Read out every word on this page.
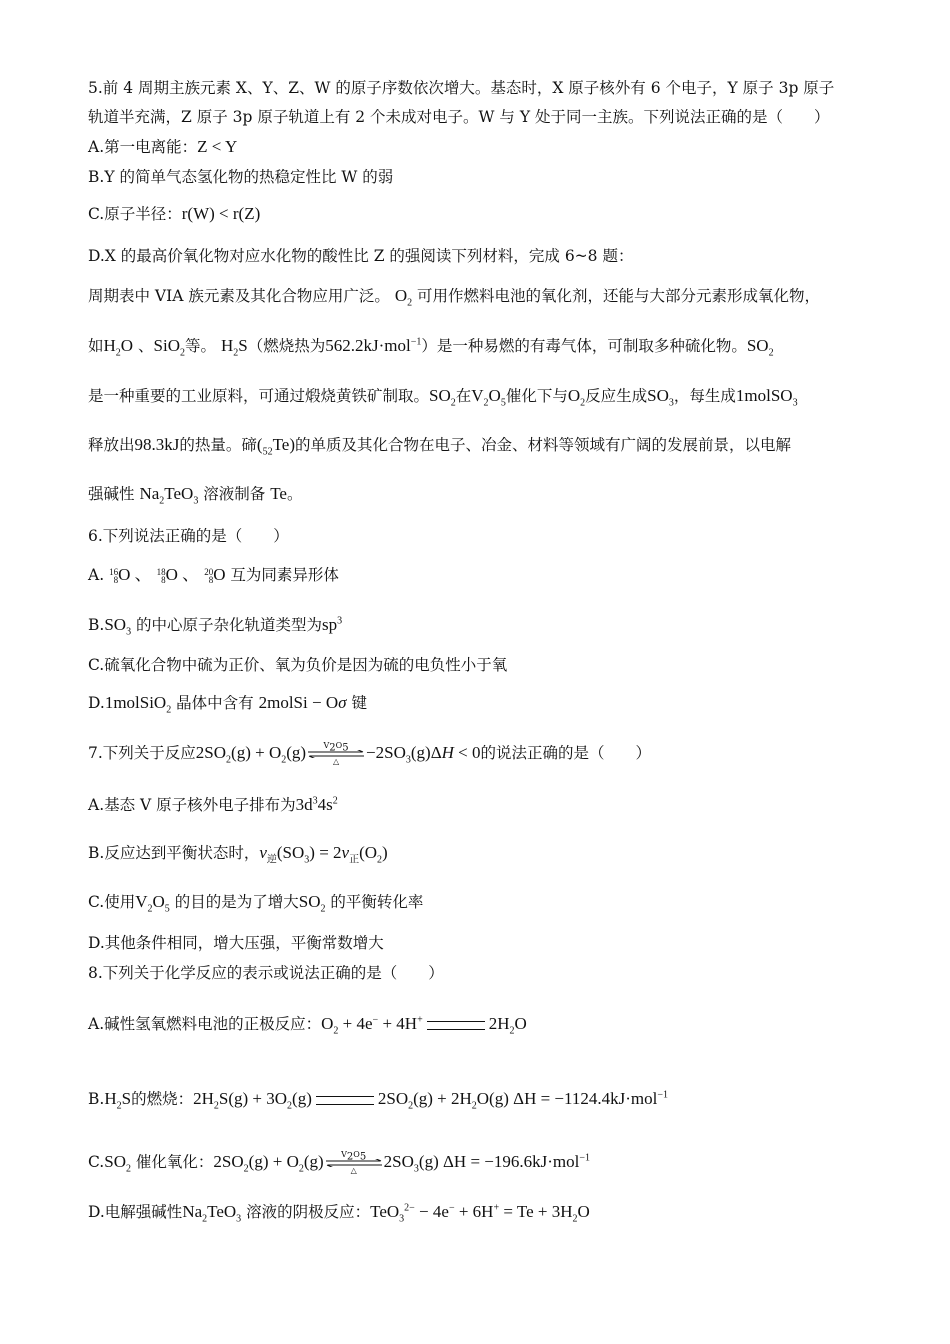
5.前 4 周期主族元素 X、Y、Z、W 的原子序数依次增大。基态时，X 原子核外有 6 个电子，Y 原子 3p 原子
轨道半充满，Z 原子 3p 原子轨道上有 2 个未成对电子。W 与 Y 处于同一主族。下列说法正确的是（　　）
A.第一电离能：Z < Y
B.Y 的简单气态氢化物的热稳定性比 W 的弱
C.原子半径：r(W) < r(Z)
D.X 的最高价氧化物对应水化物的酸性比 Z 的强阅读下列材料，完成 6~8 题：
周期表中 VIA 族元素及其化合物应用广泛。 $O_2$ 可用作燃料电池的氧化剂，还能与大部分元素形成氧化物，
如$H_2O$ 、SiO$_2$等。 $H_2S$（燃烧热为562.2kJ·mol$^{-1}$）是一种易燃的有毒气体，可制取多种硫化物。$SO_2$
是一种重要的工业原料，可通过煅烧黄铁矿制取。$SO_2$在$V_2O_5$催化下与$O_2$反应生成$SO_3$，每生成1molSO$_3$
释放出98.3kJ的热量。碲$(_{52}Te)$的单质及其化合物在电子、冶金、材料等领域有广阔的发展前景，以电解
强碱性 $Na_2TeO_3$ 溶液制备 Te。
6.下列说法正确的是（　　）
A. 16
8 O 、 18
8 O 、 20
8 O 互为同素异形体
$B.SO_3$ 的中心原子杂化轨道类型为$sp^3$
C.硫氧化合物中硫为正价、氧为负价是因为硫的电负性小于氧
D.1molSiO$_2$ 晶体中含有 2molSi − Oσ 键
7.下列关于反应$2SO_2(g) + O_2(g)$	$V_2O_5$
△	$-2SO_3(g)\Delta H < 0$的说法正确的是（　　）
A.基态 V 原子核外电子排布为$3d^34s^2$
B.反应达到平衡状态时，$v_逆(SO_3) = 2v_正(O_2)$
C.使用$V_2O_5$ 的目的是为了增大$SO_2$ 的平衡转化率
D.其他条件相同，增大压强，平衡常数增大
8.下列关于化学反应的表示或说法正确的是（　　）
A.碱性氢氧燃料电池的正极反应：$O_2 + 4e^- + 4H^+$	$2H_2O$
$B.H_2S$的燃烧：$2H_2S(g) + 3O_2(g)$	$2SO_2(g) + 2H_2O(g) \Delta H = -1124.4kJ\cdot mol^{-1}$
$C.SO_2$ 催化氧化：$2SO_2(g) + O_2(g)$	$V_2O_5$
△	$2SO_3(g) \Delta H = -196.6kJ\cdot mol^{-1}$
D.电解强碱性$Na_2TeO_3$ 溶液的阴极反应：$TeO_3^{2-} - 4e^- + 6H^+ = Te + 3H_2O$
